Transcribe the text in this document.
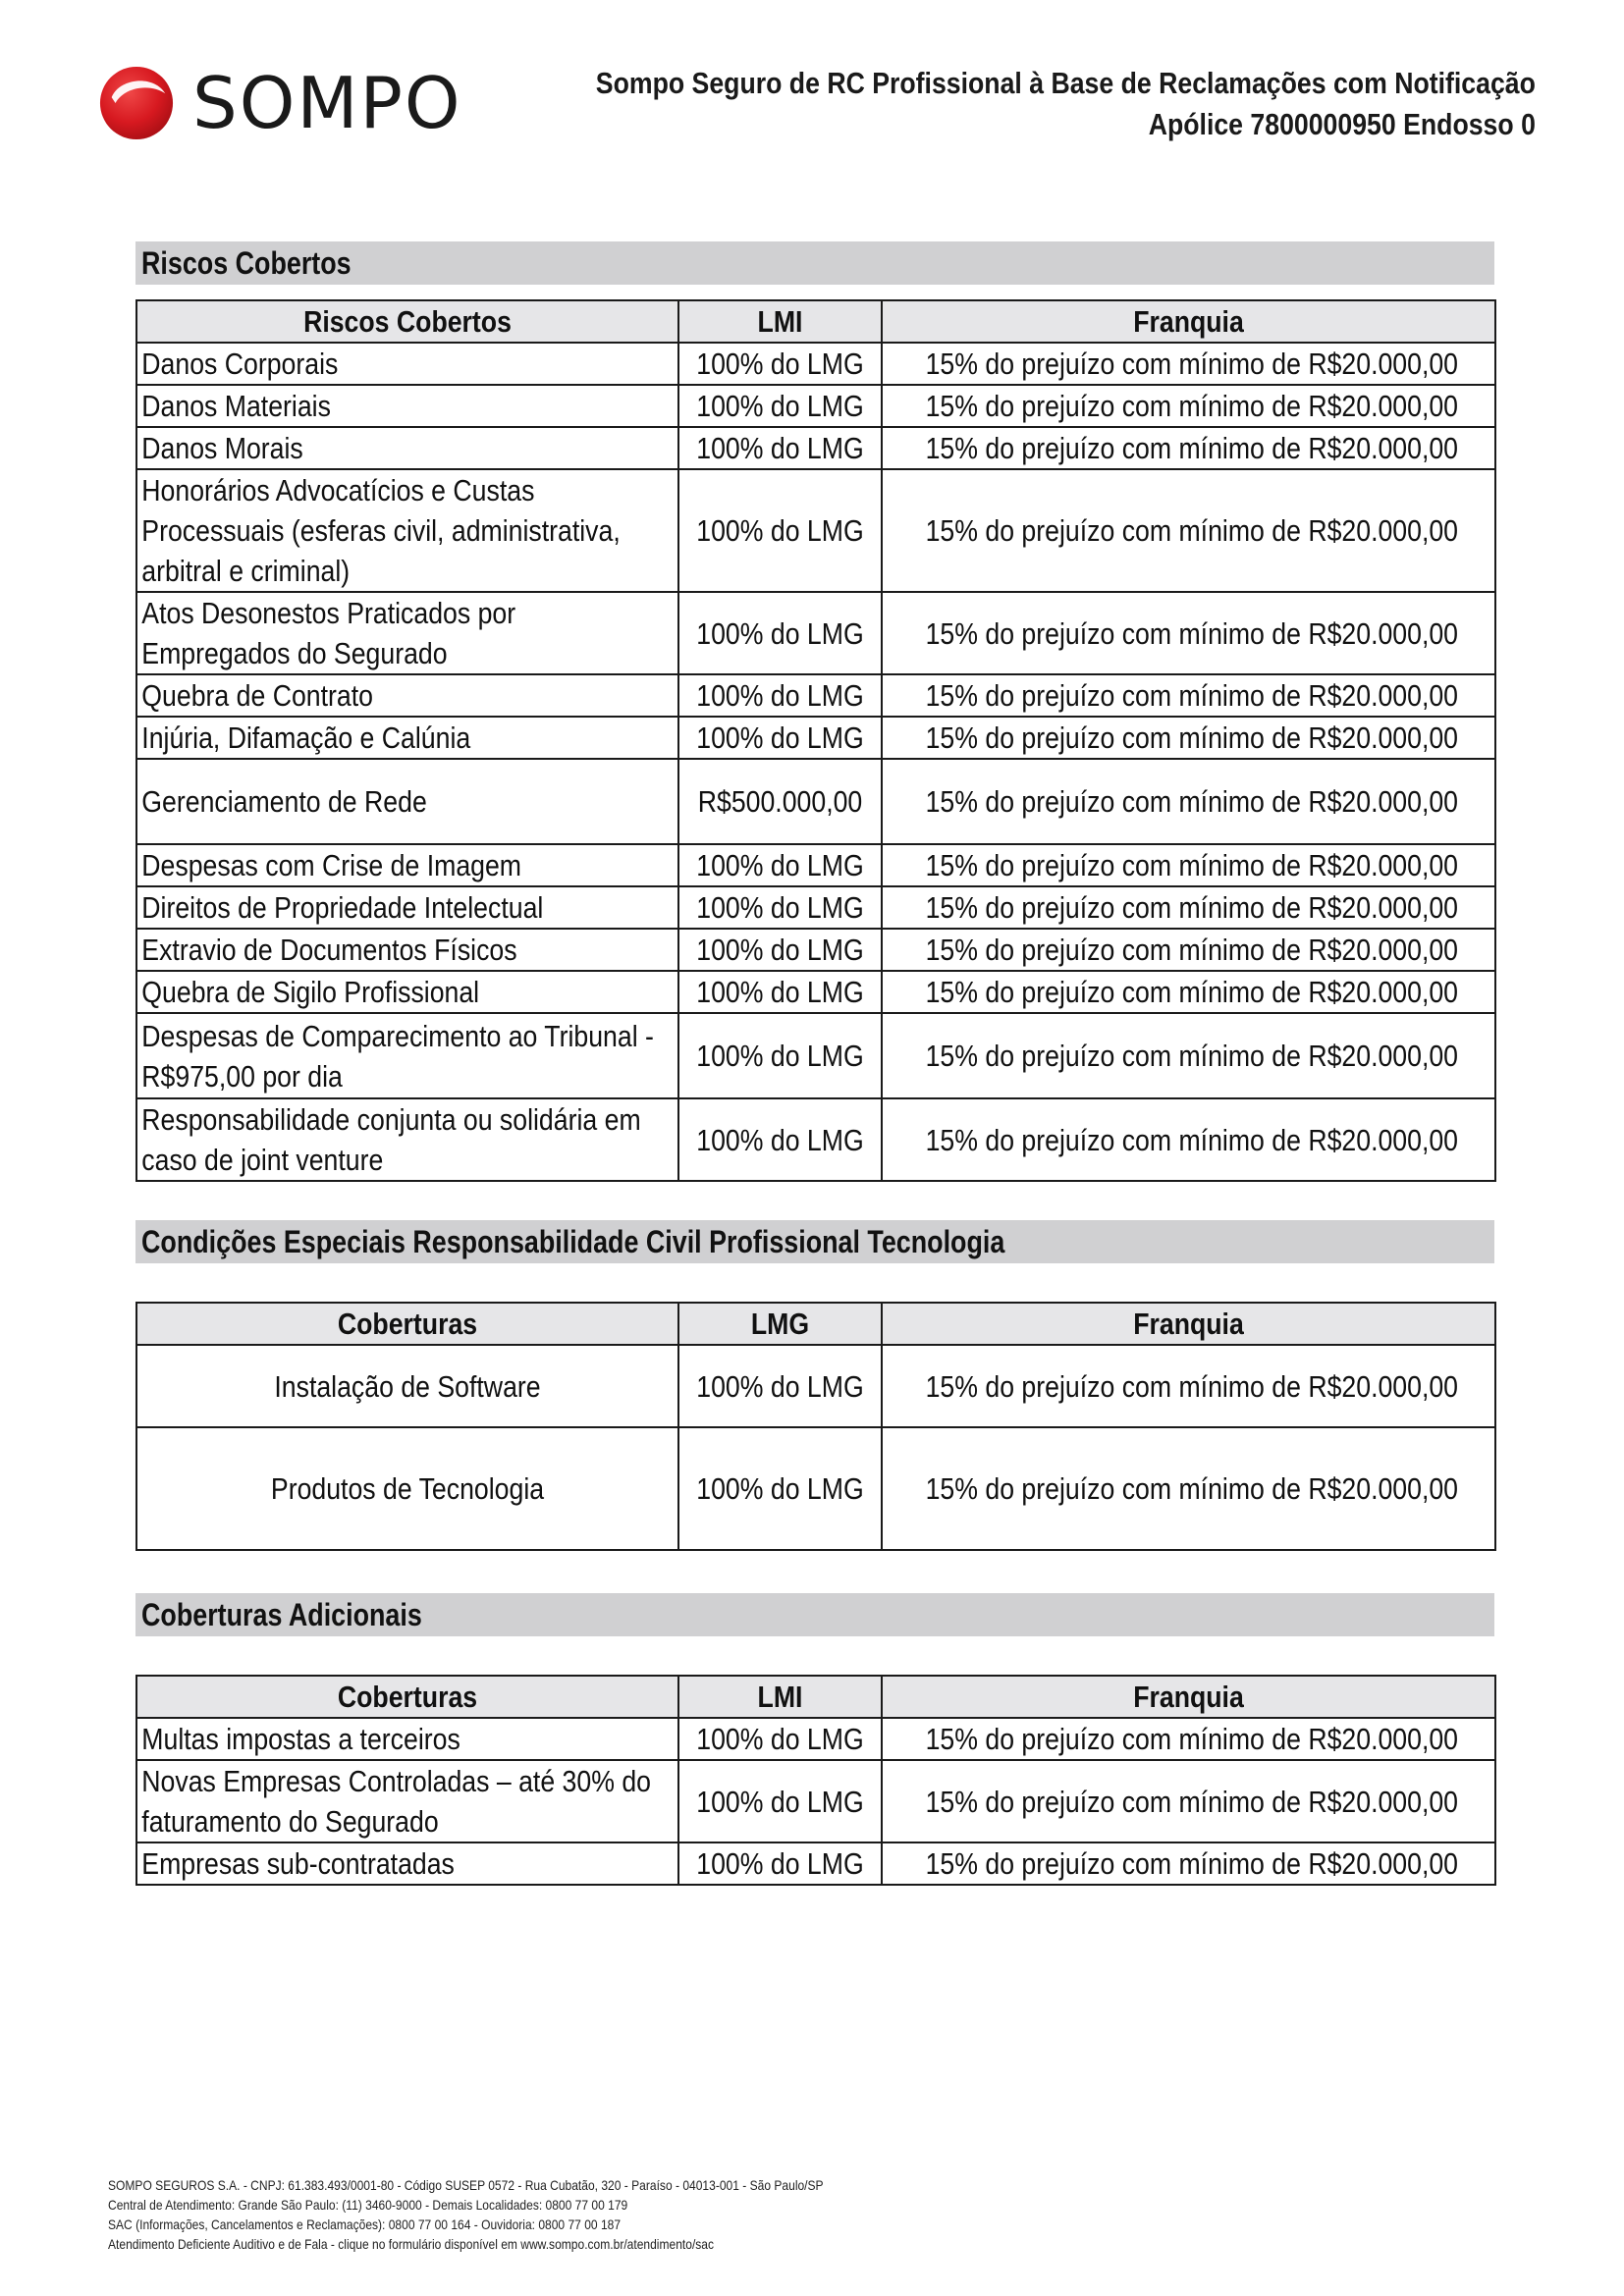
SOMPO	Sompo Seguro de RC Profissional à Base de Reclamações com Notificação
Apólice 7800000950 Endosso 0
Riscos Cobertos
Riscos Cobertos	LMI	Franquia

Danos Corporais	100% do LMG	15% do prejuízo com mínimo de R$20.000,00

Danos Materiais	100% do LMG	15% do prejuízo com mínimo de R$20.000,00

Danos Morais	100% do LMG	15% do prejuízo com mínimo de R$20.000,00

Honorários Advocatícios e Custas
Processuais (esferas civil, administrativa,
arbitral e criminal)	100% do LMG	15% do prejuízo com mínimo de R$20.000,00

Atos Desonestos Praticados por
Empregados do Segurado	100% do LMG	15% do prejuízo com mínimo de R$20.000,00

Quebra de Contrato	100% do LMG	15% do prejuízo com mínimo de R$20.000,00

Injúria, Difamação e Calúnia	100% do LMG	15% do prejuízo com mínimo de R$20.000,00

Gerenciamento de Rede	R$500.000,00	15% do prejuízo com mínimo de R$20.000,00

Despesas com Crise de Imagem	100% do LMG	15% do prejuízo com mínimo de R$20.000,00

Direitos de Propriedade Intelectual	100% do LMG	15% do prejuízo com mínimo de R$20.000,00

Extravio de Documentos Físicos	100% do LMG	15% do prejuízo com mínimo de R$20.000,00

Quebra de Sigilo Profissional	100% do LMG	15% do prejuízo com mínimo de R$20.000,00

Despesas de Comparecimento ao Tribunal -
R$975,00 por dia	100% do LMG	15% do prejuízo com mínimo de R$20.000,00

Responsabilidade conjunta ou solidária em
caso de joint venture	100% do LMG	15% do prejuízo com mínimo de R$20.000,00
Condições Especiais Responsabilidade Civil Profissional Tecnologia
Coberturas	LMG	Franquia

Instalação de Software	100% do LMG	15% do prejuízo com mínimo de R$20.000,00

Produtos de Tecnologia	100% do LMG	15% do prejuízo com mínimo de R$20.000,00
Coberturas Adicionais
Coberturas	LMI	Franquia

Multas impostas a terceiros	100% do LMG	15% do prejuízo com mínimo de R$20.000,00

Novas Empresas Controladas – até 30% do
faturamento do Segurado	100% do LMG	15% do prejuízo com mínimo de R$20.000,00

Empresas sub-contratadas	100% do LMG	15% do prejuízo com mínimo de R$20.000,00
SOMPO SEGUROS S.A. - CNPJ: 61.383.493/0001-80 - Código SUSEP 0572 - Rua Cubatão, 320 - Paraíso - 04013-001 - São Paulo/SP
Central de Atendimento: Grande São Paulo: (11) 3460-9000 - Demais Localidades: 0800 77 00 179
SAC (Informações, Cancelamentos e Reclamações): 0800 77 00 164 - Ouvidoria: 0800 77 00 187
Atendimento Deficiente Auditivo e de Fala - clique no formulário disponível em www.sompo.com.br/atendimento/sac
